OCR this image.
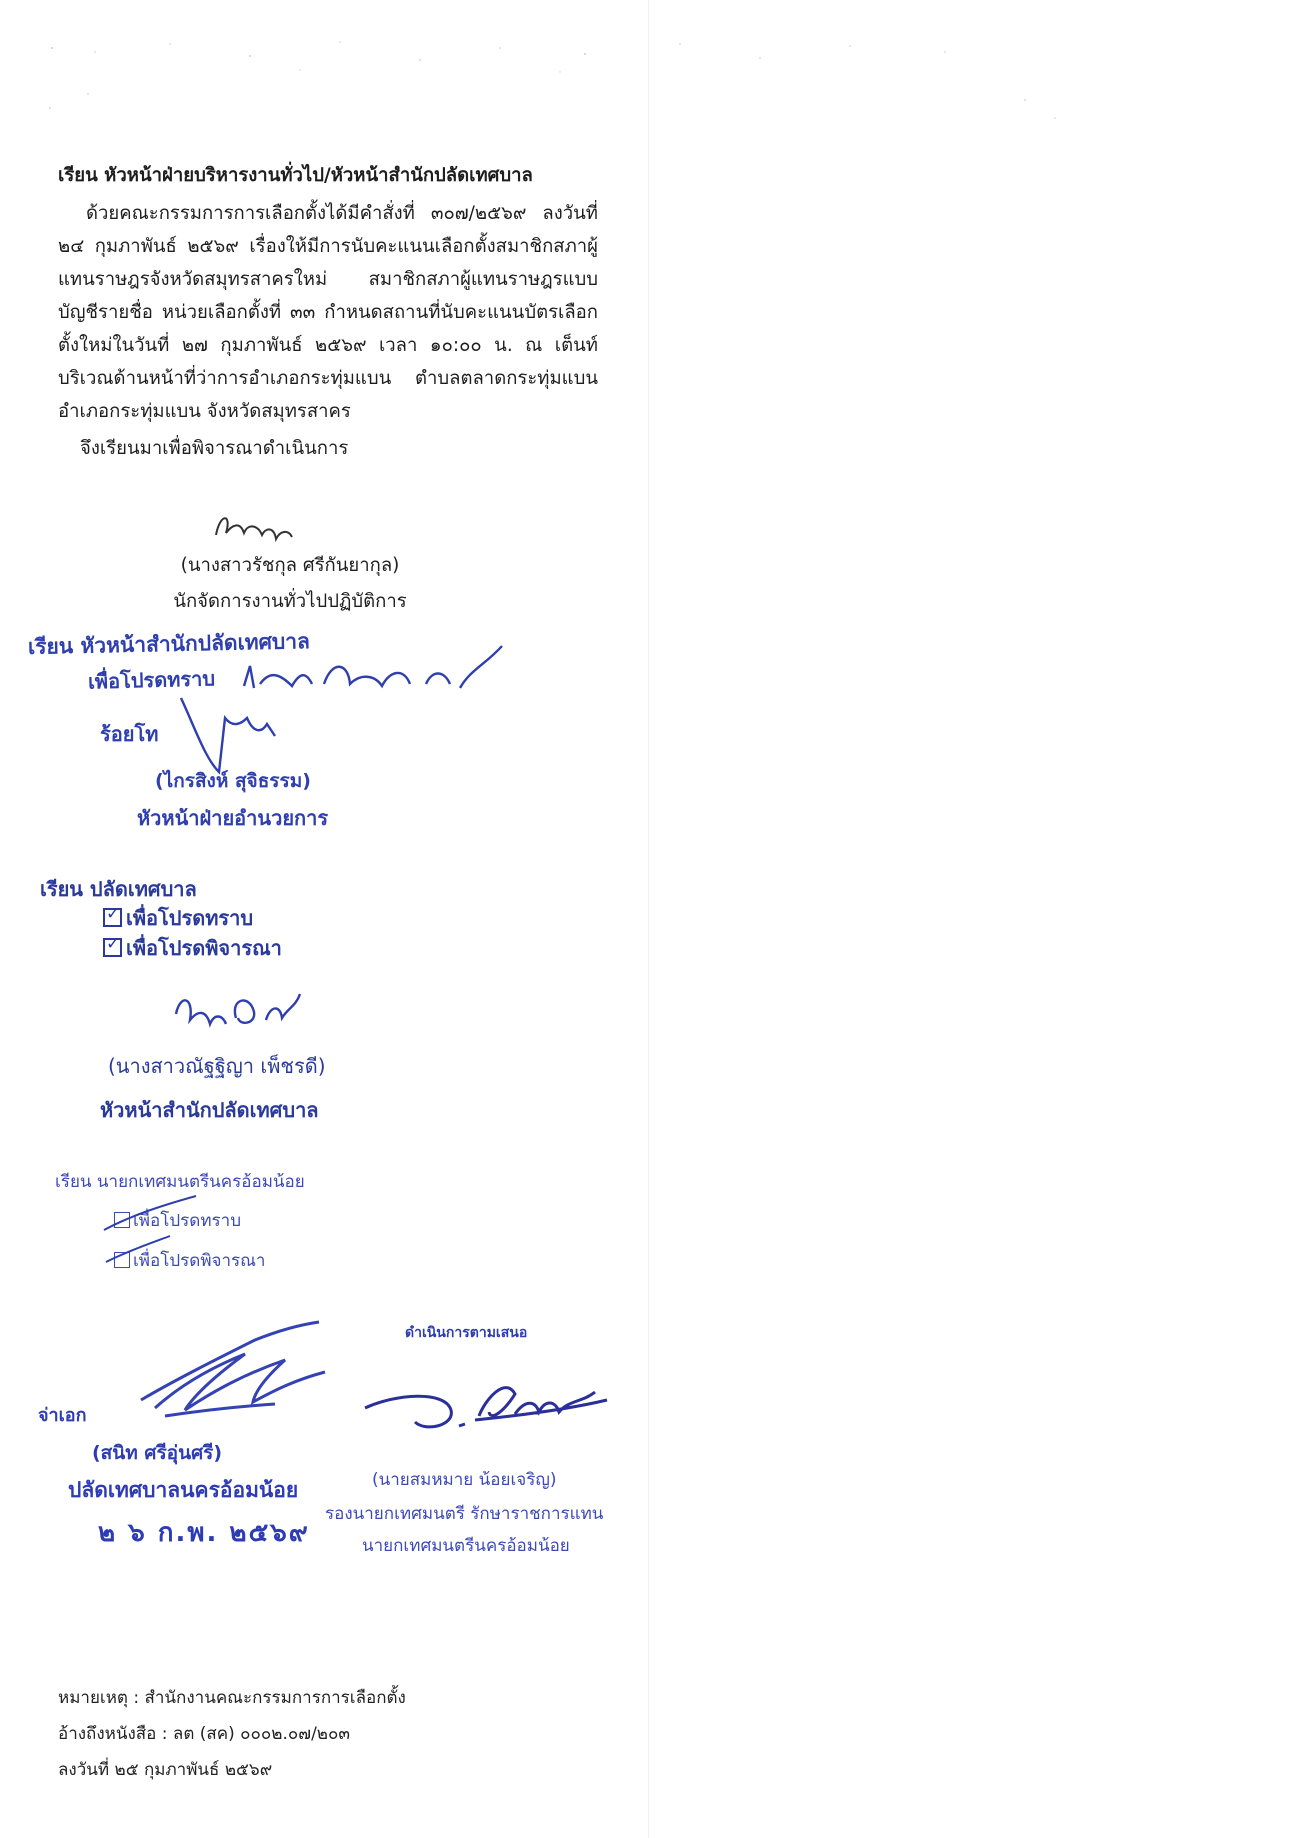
เรียน หัวหน้าฝ่ายบริหารงานทั่วไป/หัวหน้าสำนักปลัดเทศบาล

ด้วยคณะกรรมการการเลือกตั้งได้มีคำสั่งที่ ๓๐๗/๒๕๖๙ ลงวันที่ ๒๔ กุมภาพันธ์ ๒๕๖๙ เรื่องให้มีการนับคะแนนเลือกตั้งสมาชิกสภาผู้แทนราษฎรจังหวัดสมุทรสาครใหม่ สมาชิกสภาผู้แทนราษฎรแบบบัญชีรายชื่อ หน่วยเลือกตั้งที่ ๓๓ กำหนดสถานที่นับคะแนนบัตรเลือกตั้งใหม่ในวันที่ ๒๗ กุมภาพันธ์ ๒๕๖๙ เวลา ๑๐:๐๐ น. ณ เต็นท์บริเวณด้านหน้าที่ว่าการอำเภอกระทุ่มแบน ตำบลตลาดกระทุ่มแบน อำเภอกระทุ่มแบน จังหวัดสมุทรสาคร

จึงเรียนมาเพื่อพิจารณาดำเนินการ

(นางสาวรัชกุล ศรีกันยากุล)
นักจัดการงานทั่วไปปฏิบัติการ
เรียน หัวหน้าสำนักปลัดเทศบาล
เพื่อโปรดทราบ
ร้อยโท
(ไกรสิงห์ สุจิธรรม)
หัวหน้าฝ่ายอำนวยการ
เรียน ปลัดเทศบาล
✓ เพื่อโปรดทราบ
✓ เพื่อโปรดพิจารณา
(นางสาวณัฐฐิญา เพ็ชรดี)
หัวหน้าสำนักปลัดเทศบาล
เรียน นายกเทศมนตรีนครอ้อมน้อย
เพื่อโปรดทราบ
เพื่อโปรดพิจารณา
จ่าเอก
(สนิท ศรีอุ่นศรี)
ปลัดเทศบาลนครอ้อมน้อย
๒ ๖ ก.พ. ๒๕๖๙
ดำเนินการตามเสนอ
(นายสมหมาย น้อยเจริญ)
รองนายกเทศมนตรี รักษาราชการแทน
นายกเทศมนตรีนครอ้อมน้อย
หมายเหตุ : สำนักงานคณะกรรมการการเลือกตั้ง
อ้างถึงหนังสือ : ลต (สค) ๐๐๐๒.๐๗/๒๐๓
ลงวันที่ ๒๕ กุมภาพันธ์ ๒๕๖๙
